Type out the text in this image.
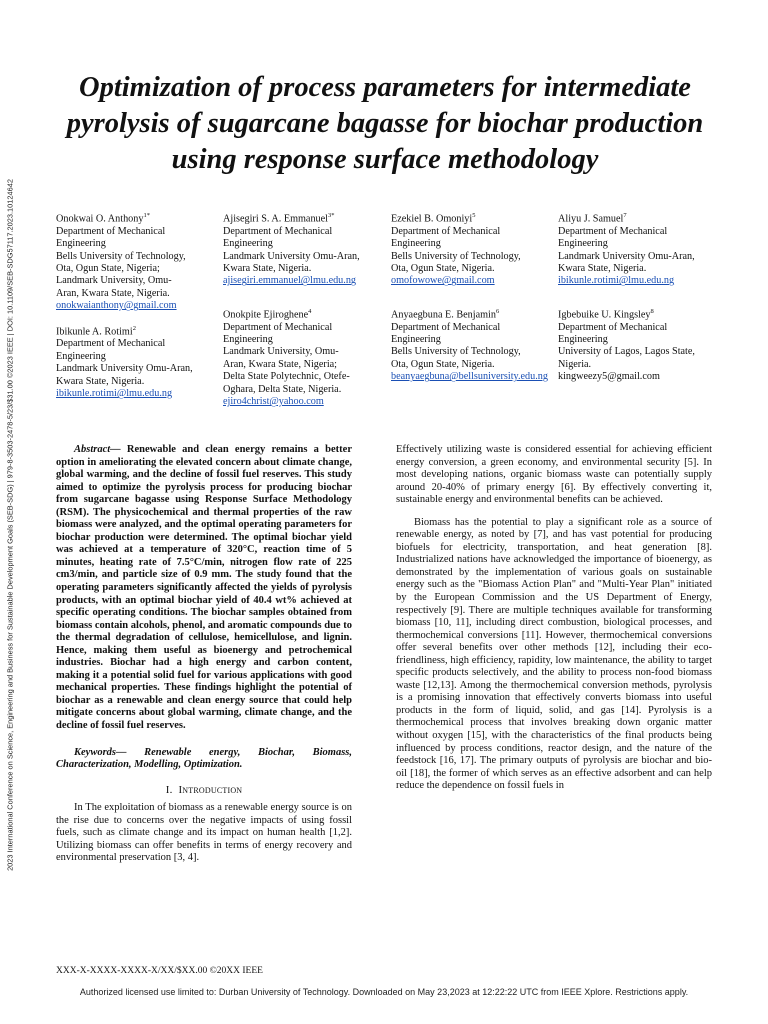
2023 International Conference on Science, Engineering and Business for Sustainable Development Goals (SEB-SDG) | 979-8-3503-2478-5/23/$31.00 ©2023 IEEE | DOI: 10.1109/SEB-SDG57117.2023.10124642
Optimization of process parameters for intermediate pyrolysis of sugarcane bagasse for biochar production using response surface methodology

Onokwai O. Anthony$^{1*}$

Department of Mechanical

Engineering

Bells University of Technology,

Ota, Ogun State, Nigeria;

Landmark University, Omu-

Aran, Kwara State, Nigeria.

onokwaianthony@gmail.com

Ibikunle A. Rotimi$^2$

Department of Mechanical

Engineering

Landmark University Omu-Aran,

Kwara State, Nigeria.

ibikunle.rotimi@lmu.edu.ng

Ajisegiri S. A. Emmanuel$^{3*}$

Department of Mechanical

Engineering

Landmark University Omu-Aran,

Kwara State, Nigeria.

ajisegiri.emmanuel@lmu.edu.ng

Onokpite Ejiroghene$^4$

Department of Mechanical

Engineering

Landmark University, Omu-

Aran, Kwara State, Nigeria;

Delta State Polytechnic, Otefe-

Oghara, Delta State, Nigeria.

ejiro4christ@yahoo.com

Ezekiel B. Omoniyi$^5$

Department of Mechanical

Engineering

Bells University of Technology,

Ota, Ogun State, Nigeria.

omofowowe@gmail.com

Anyaegbuna E. Benjamin$^6$

Department of Mechanical

Engineering

Bells University of Technology,

Ota, Ogun State, Nigeria.

beanyaegbuna@bellsuniversity.edu.ng

Aliyu J. Samuel$^7$

Department of Mechanical

Engineering

Landmark University Omu-Aran,

Kwara State, Nigeria.

ibikunle.rotimi@lmu.edu.ng

Igbebuike U. Kingsley$^8$

Department of Mechanical

Engineering

University of Lagos, Lagos State,

Nigeria.

kingweezy5@gmail.com

Abstract— Renewable and clean energy remains a better option in ameliorating the elevated concern about climate change, global warming, and the decline of fossil fuel reserves. This study aimed to optimize the pyrolysis process for producing biochar from sugarcane bagasse using Response Surface Methodology (RSM). The physicochemical and thermal properties of the raw biomass were analyzed, and the optimal operating parameters for biochar production were determined. The optimal biochar yield was achieved at a temperature of 320°C, reaction time of 5 minutes, heating rate of 7.5°C/min, nitrogen flow rate of 225 cm3/min, and particle size of 0.9 mm. The study found that the operating parameters significantly affected the yields of pyrolysis products, with an optimal biochar yield of 40.4 wt% achieved at specific operating conditions. The biochar samples obtained from biomass contain alcohols, phenol, and aromatic compounds due to the thermal degradation of cellulose, hemicellulose, and lignin. Hence, making them useful as bioenergy and petrochemical industries. Biochar had a high energy and carbon content, making it a potential solid fuel for various applications with good mechanical properties. These findings highlight the potential of biochar as a renewable and clean energy source that could help mitigate concerns about global warming, climate change, and the decline of fossil fuel reserves.

Keywords— Renewable energy, Biochar, Biomass, Characterization, Modelling, Optimization.

I. Introduction

In The exploitation of biomass as a renewable energy source is on the rise due to concerns over the negative impacts of using fossil fuels, such as climate change and its impact on human health [1,2]. Utilizing biomass can offer benefits in terms of energy recovery and environmental preservation [3, 4].

Effectively utilizing waste is considered essential for achieving efficient energy conversion, a green economy, and environmental security [5]. In most developing nations, organic biomass waste can potentially supply around 20-40% of primary energy [6]. By effectively converting it, sustainable energy and environmental benefits can be achieved.

Biomass has the potential to play a significant role as a source of renewable energy, as noted by [7], and has vast potential for producing biofuels for electricity, transportation, and heat generation [8]. Industrialized nations have acknowledged the importance of bioenergy, as demonstrated by the implementation of various goals on sustainable energy such as the "Biomass Action Plan" and "Multi-Year Plan" initiated by the European Commission and the US Department of Energy, respectively [9]. There are multiple techniques available for transforming biomass [10, 11], including direct combustion, biological processes, and thermochemical conversions [11]. However, thermochemical conversions offer several benefits over other methods [12], including their eco-friendliness, high efficiency, rapidity, low maintenance, the ability to target specific products selectively, and the ability to process non-food biomass waste [12,13]. Among the thermochemical conversion methods, pyrolysis is a promising innovation that effectively converts biomass into useful products in the form of liquid, solid, and gas [14]. Pyrolysis is a thermochemical process that involves breaking down organic matter without oxygen [15], with the characteristics of the final products being influenced by process conditions, reactor design, and the nature of the feedstock [16, 17]. The primary outputs of pyrolysis are biochar and bio-oil [18], the former of which serves as an effective adsorbent and can help reduce the dependence on fossil fuels in

XXX-X-XXXX-XXXX-X/XX/$XX.00 ©20XX IEEE
Authorized licensed use limited to: Durban University of Technology. Downloaded on May 23,2023 at 12:22:22 UTC from IEEE Xplore. Restrictions apply.
